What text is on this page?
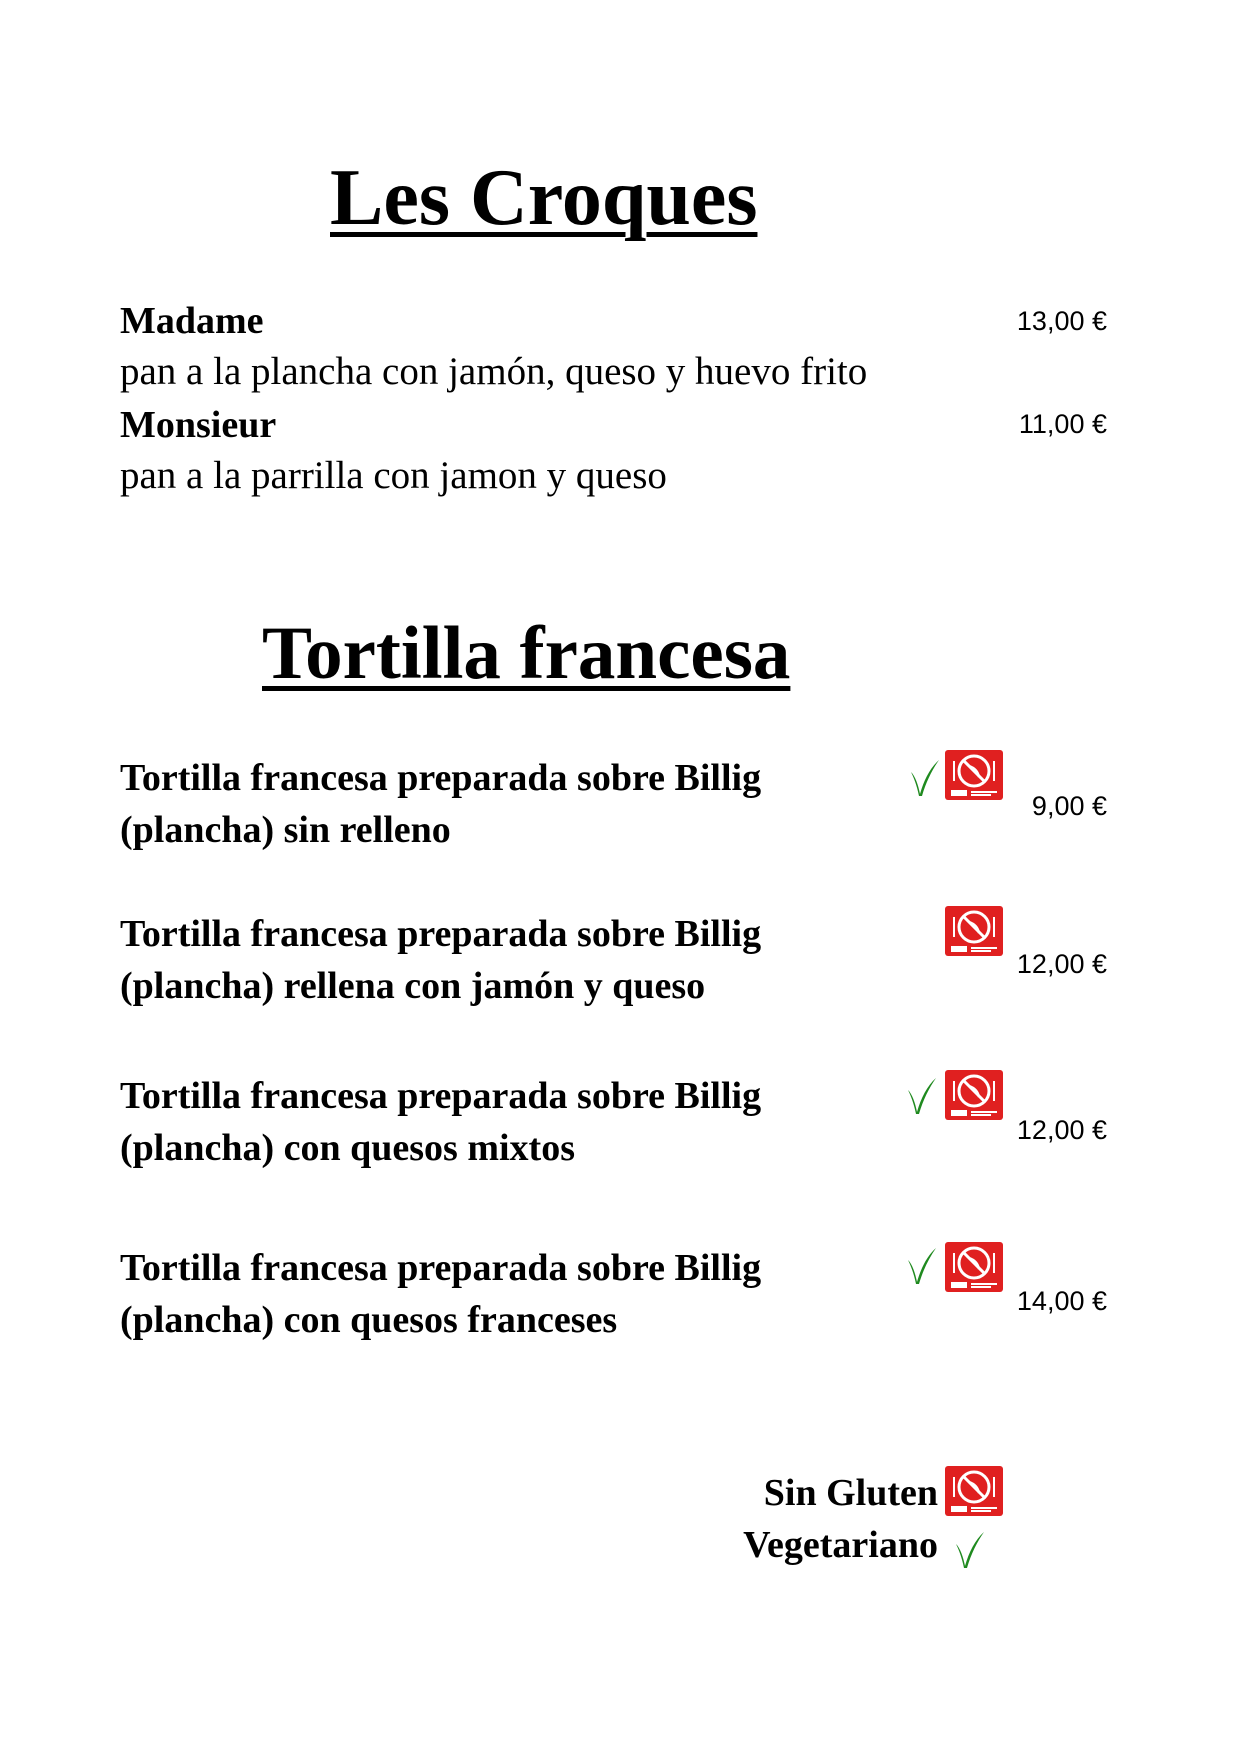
Les Croques
Madame	13,00 €
pan a la plancha con jamón, queso y huevo frito
Monsieur	11,00 €
pan a la parrilla con jamon y queso
Tortilla francesa
Tortilla francesa preparada sobre Billig
(plancha) sin relleno
9,00 €
Tortilla francesa preparada sobre Billig
(plancha) rellena con jamón y queso
12,00 €
Tortilla francesa preparada sobre Billig
(plancha) con quesos mixtos	12,00 €
Tortilla francesa preparada sobre Billig
(plancha) con quesos franceses	14,00 €
Sin Gluten
Vegetariano
